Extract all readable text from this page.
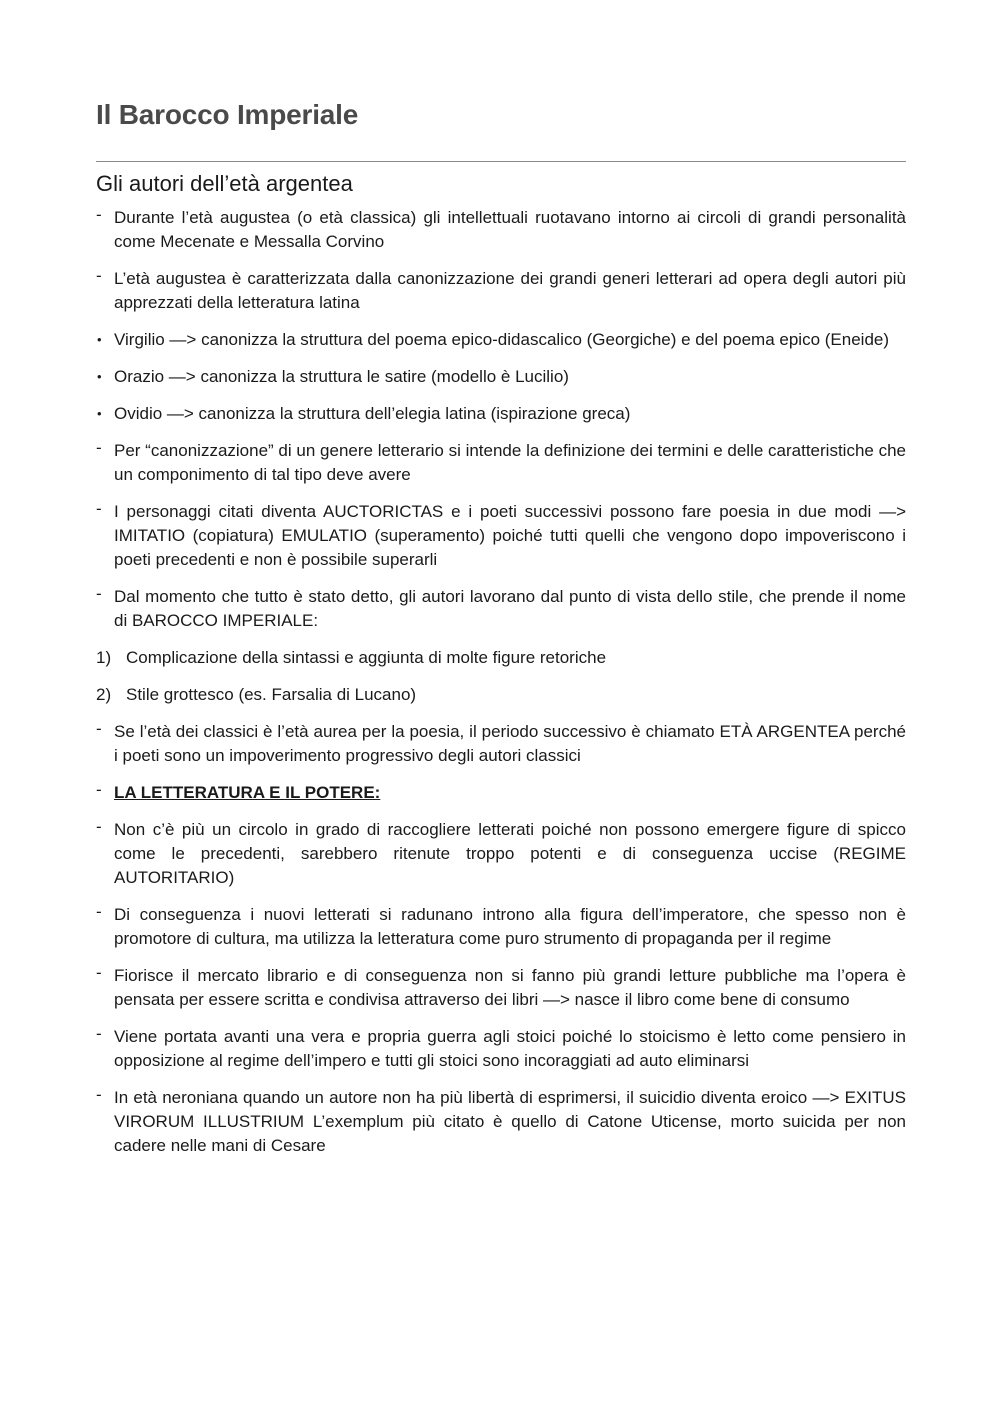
Il Barocco Imperiale
Gli autori dell’età argentea
- Durante l’età augustea (o età classica) gli intellettuali ruotavano intorno ai circoli di grandi personalità come Mecenate e Messalla Corvino
- L’età augustea è caratterizzata dalla canonizzazione dei grandi generi letterari ad opera degli autori più apprezzati della letteratura latina
• Virgilio —> canonizza la struttura del poema epico-didascalico (Georgiche) e del poema epico (Eneide)
• Orazio —> canonizza la struttura le satire (modello è Lucilio)
• Ovidio —> canonizza la struttura dell’elegia latina (ispirazione greca)
- Per “canonizzazione” di un genere letterario si intende la definizione dei termini e delle caratteristiche che un componimento di tal tipo deve avere
- I personaggi citati diventa AUCTORICTAS e i poeti successivi possono fare poesia in due modi —> IMITATIO (copiatura) EMULATIO (superamento) poiché tutti quelli che vengono dopo impoveriscono i poeti precedenti e non è possibile superarli
- Dal momento che tutto è stato detto, gli autori lavorano dal punto di vista dello stile, che prende il nome di BAROCCO IMPERIALE:
1) Complicazione della sintassi e aggiunta di molte figure retoriche
2) Stile grottesco (es. Farsalia di Lucano)
- Se l’età dei classici è l’età aurea per la poesia, il periodo successivo è chiamato ETÀ ARGENTEA perché i poeti sono un impoverimento progressivo degli autori classici
- LA LETTERATURA E IL POTERE:
- Non c’è più un circolo in grado di raccogliere letterati poiché non possono emergere figure di spicco come le precedenti, sarebbero ritenute troppo potenti e di conseguenza uccise (REGIME AUTORITARIO)
- Di conseguenza i nuovi letterati si radunano introno alla figura dell’imperatore, che spesso non è promotore di cultura, ma utilizza la letteratura come puro strumento di propaganda per il regime
- Fiorisce il mercato librario e di conseguenza non si fanno più grandi letture pubbliche ma l’opera è pensata per essere scritta e condivisa attraverso dei libri —> nasce il libro come bene di consumo
- Viene portata avanti una vera e propria guerra agli stoici poiché lo stoicismo è letto come pensiero in opposizione al regime dell’impero e tutti gli stoici sono incoraggiati ad auto eliminarsi
- In età neroniana quando un autore non ha più libertà di esprimersi, il suicidio diventa eroico —> EXITUS VIRORUM ILLUSTRIUM L’exemplum più citato è quello di Catone Uticense, morto suicida per non cadere nelle mani di Cesare
